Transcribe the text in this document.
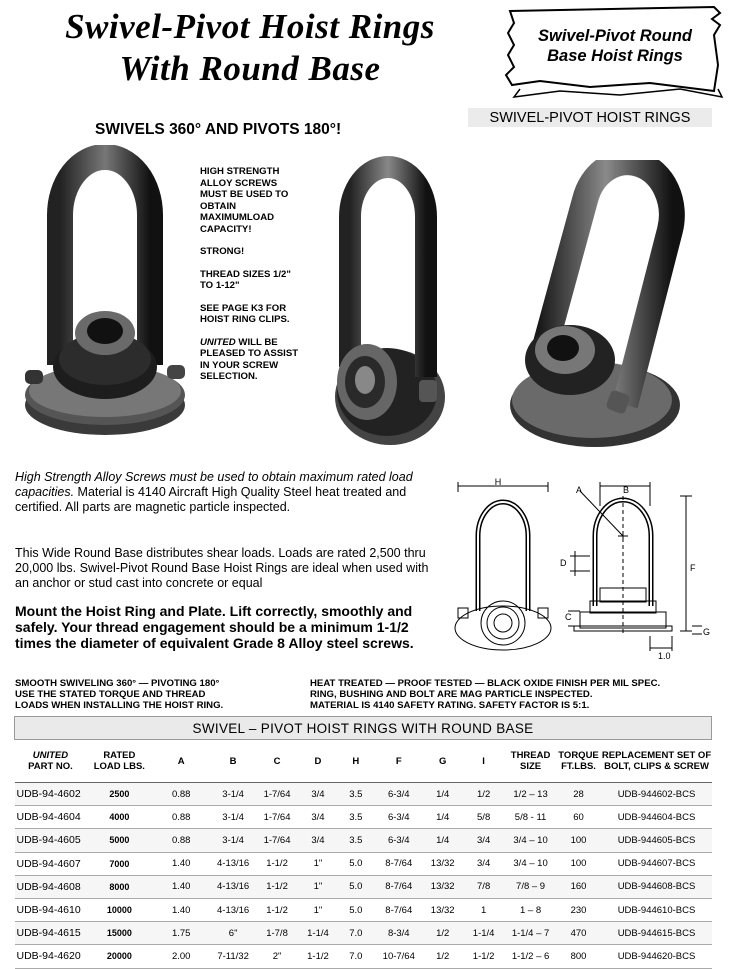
Swivel-Pivot Hoist Rings
With Round Base
Swivel-Pivot Round
Base Hoist Rings
SWIVEL-PIVOT HOIST RINGS
SWIVELS 360° AND PIVOTS 180°!

HIGH STRENGTH ALLOY SCREWS MUST BE USED TO OBTAIN MAXIMUMLOAD CAPACITY!

STRONG!

THREAD SIZES 1/2" TO 1-12"

SEE PAGE K3 FOR HOIST RING CLIPS.

UNITED WILL BE PLEASED TO ASSIST IN YOUR SCREW SELECTION.

High Strength Alloy Screws must be used to obtain maximum rated load capacities. Material is 4140 Aircraft High Quality Steel heat treated and certified. All parts are magnetic particle inspected.
This Wide Round Base distributes shear loads. Loads are rated 2,500 thru 20,000 lbs. Swivel-Pivot Round Base Hoist Rings are ideal when used with an anchor or stud cast into concrete or equal
Mount the Hoist Ring and Plate. Lift correctly, smoothly and safely. Your thread engagement should be a minimum 1-1/2 times the diameter of equivalent Grade 8 Alloy steel screws.
H
A	B
D	F
C
G
1.0
SMOOTH SWIVELING 360° — PIVOTING 180°
USE THE STATED TORQUE AND THREAD
LOADS WHEN INSTALLING THE HOIST RING.
HEAT TREATED — PROOF TESTED — BLACK OXIDE FINISH PER MIL SPEC.
RING, BUSHING AND BOLT ARE MAG PARTICLE INSPECTED.
MATERIAL IS 4140 SAFETY RATING. SAFETY FACTOR IS 5:1.
SWIVEL – PIVOT HOIST RINGS WITH ROUND BASE												
UNITED
PART NO.	RATED
LOAD LBS.	A	B	C	D	H	F	G	I	THREAD
SIZE	TORQUE
FT.LBS.	REPLACEMENT SET OF
BOLT, CLIPS & SCREW
UDB-94-4602	2500	0.88	3-1/4	1-7/64	3/4	3.5	6-3/4	1/4	1/2	1/2 – 13	28	UDB-944602-BCS
UDB-94-4604	4000	0.88	3-1/4	1-7/64	3/4	3.5	6-3/4	1/4	5/8	5/8 - 11	60	UDB-944604-BCS
UDB-94-4605	5000	0.88	3-1/4	1-7/64	3/4	3.5	6-3/4	1/4	3/4	3/4 – 10	100	UDB-944605-BCS
UDB-94-4607	7000	1.40	4-13/16	1-1/2	1"	5.0	8-7/64	13/32	3/4	3/4 – 10	100	UDB-944607-BCS
UDB-94-4608	8000	1.40	4-13/16	1-1/2	1"	5.0	8-7/64	13/32	7/8	7/8 – 9	160	UDB-944608-BCS
UDB-94-4610	10000	1.40	4-13/16	1-1/2	1"	5.0	8-7/64	13/32	1	1 – 8	230	UDB-944610-BCS
UDB-94-4615	15000	1.75	6"	1-7/8	1-1/4	7.0	8-3/4	1/2	1-1/4	1-1/4 – 7	470	UDB-944615-BCS
UDB-94-4620	20000	2.00	7-11/32	2"	1-1/2	7.0	10-7/64	1/2	1-1/2	1-1/2 – 6	800	UDB-944620-BCS
